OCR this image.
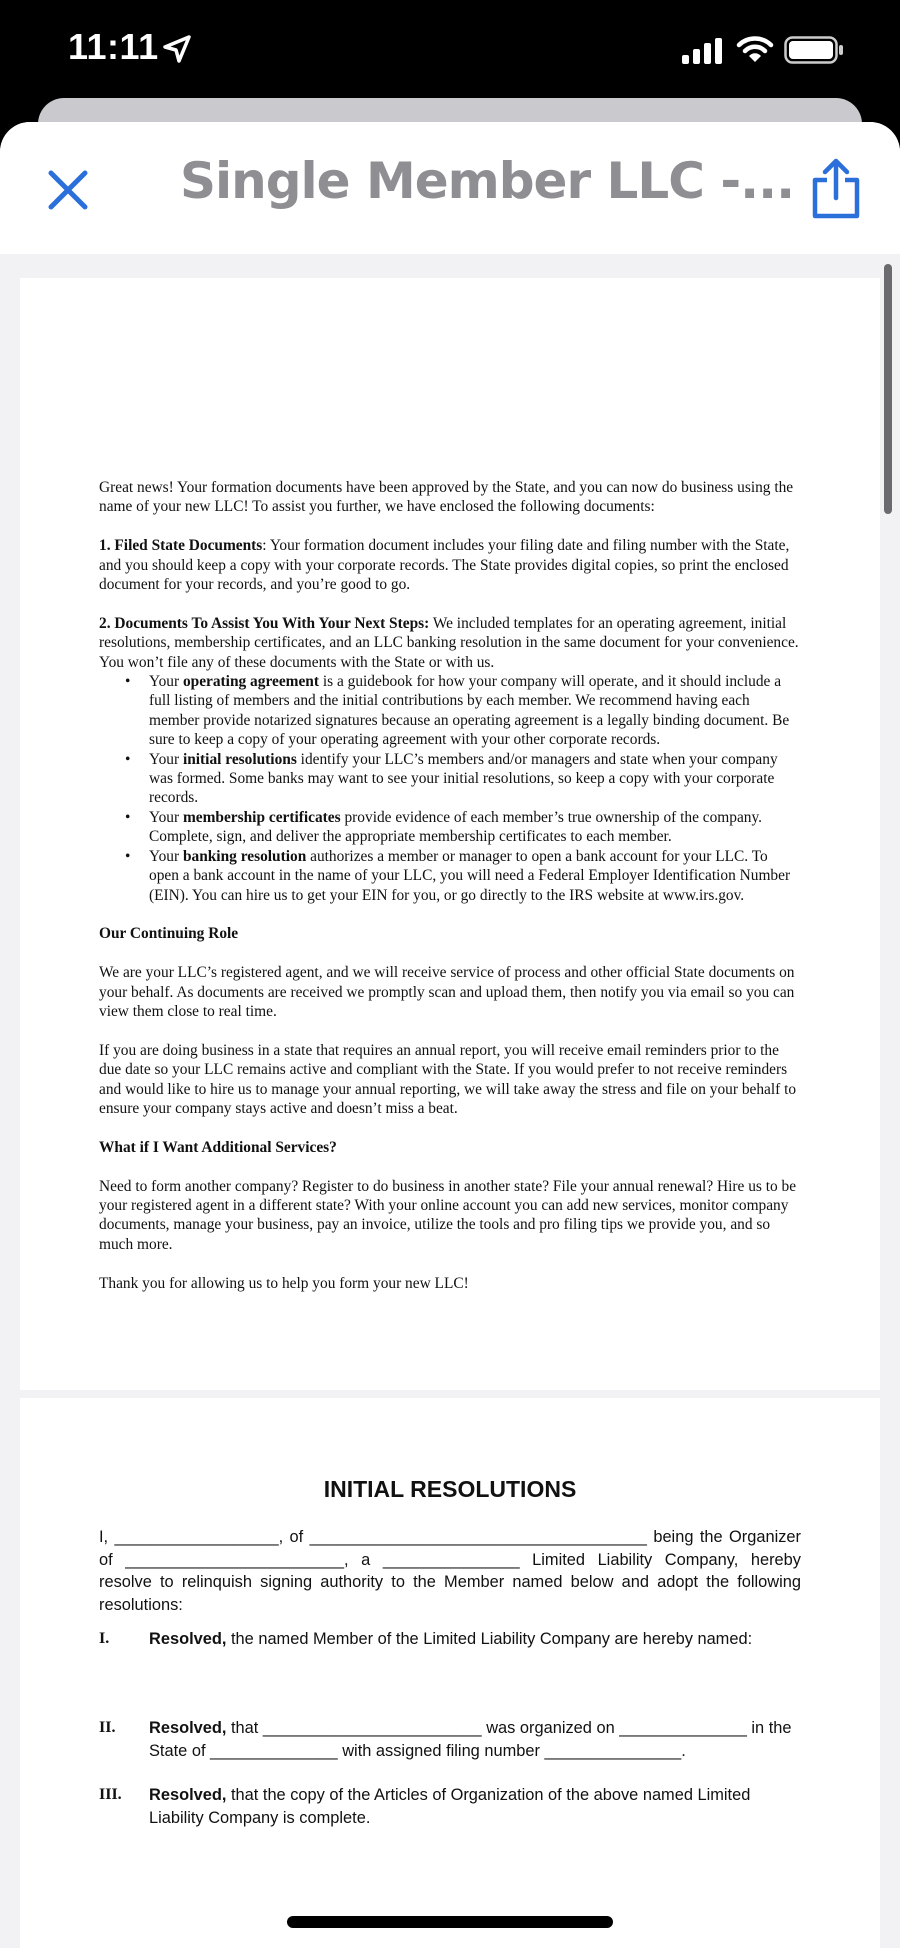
11:11
Single Member LLC -...

Great news! Your formation documents have been approved by the State, and you can now do business using the name of your new LLC! To assist you further, we have enclosed the following documents:

1. Filed State Documents: Your formation document includes your filing date and filing number with the State, and you should keep a copy with your corporate records. The State provides digital copies, so print the enclosed document for your records, and you’re good to go.

2. Documents To Assist You With Your Next Steps: We included templates for an operating agreement, initial resolutions, membership certificates, and an LLC banking resolution in the same document for your convenience. You won’t file any of these documents with the State or with us.
• Your operating agreement is a guidebook for how your company will operate, and it should include a full listing of members and the initial contributions by each member. We recommend having each member provide notarized signatures because an operating agreement is a legally binding document. Be sure to keep a copy of your operating agreement with your other corporate records.
• Your initial resolutions identify your LLC’s members and/or managers and state when your company was formed. Some banks may want to see your initial resolutions, so keep a copy with your corporate records.
• Your membership certificates provide evidence of each member’s true ownership of the company. Complete, sign, and deliver the appropriate membership certificates to each member.
• Your banking resolution authorizes a member or manager to open a bank account for your LLC. To open a bank account in the name of your LLC, you will need a Federal Employer Identification Number (EIN). You can hire us to get your EIN for you, or go directly to the IRS website at www.irs.gov.

Our Continuing Role

We are your LLC’s registered agent, and we will receive service of process and other official State documents on your behalf. As documents are received we promptly scan and upload them, then notify you via email so you can view them close to real time.

If you are doing business in a state that requires an annual report, you will receive email reminders prior to the due date so your LLC remains active and compliant with the State. If you would prefer to not receive reminders and would like to hire us to manage your annual reporting, we will take away the stress and file on your behalf to ensure your company stays active and doesn’t miss a beat.

What if I Want Additional Services?

Need to form another company? Register to do business in another state? File your annual renewal? Hire us to be your registered agent in a different state? With your online account you can add new services, monitor company documents, manage your business, pay an invoice, utilize the tools and pro filing tips we provide you, and so much more.

Thank you for allowing us to help you form your new LLC!

INITIAL RESOLUTIONS
I, __________________, of _____________________________________ being the Organizer of ________________________, a _______________ Limited Liability Company, hereby resolve to relinquish signing authority to the Member named below and adopt the following resolutions:
I. Resolved, the named Member of the Limited Liability Company are hereby named:
II. Resolved, that ________________________ was organized on ______________ in the State of ______________ with assigned filing number _______________.
III. Resolved, that the copy of the Articles of Organization of the above named Limited Liability Company is complete.
